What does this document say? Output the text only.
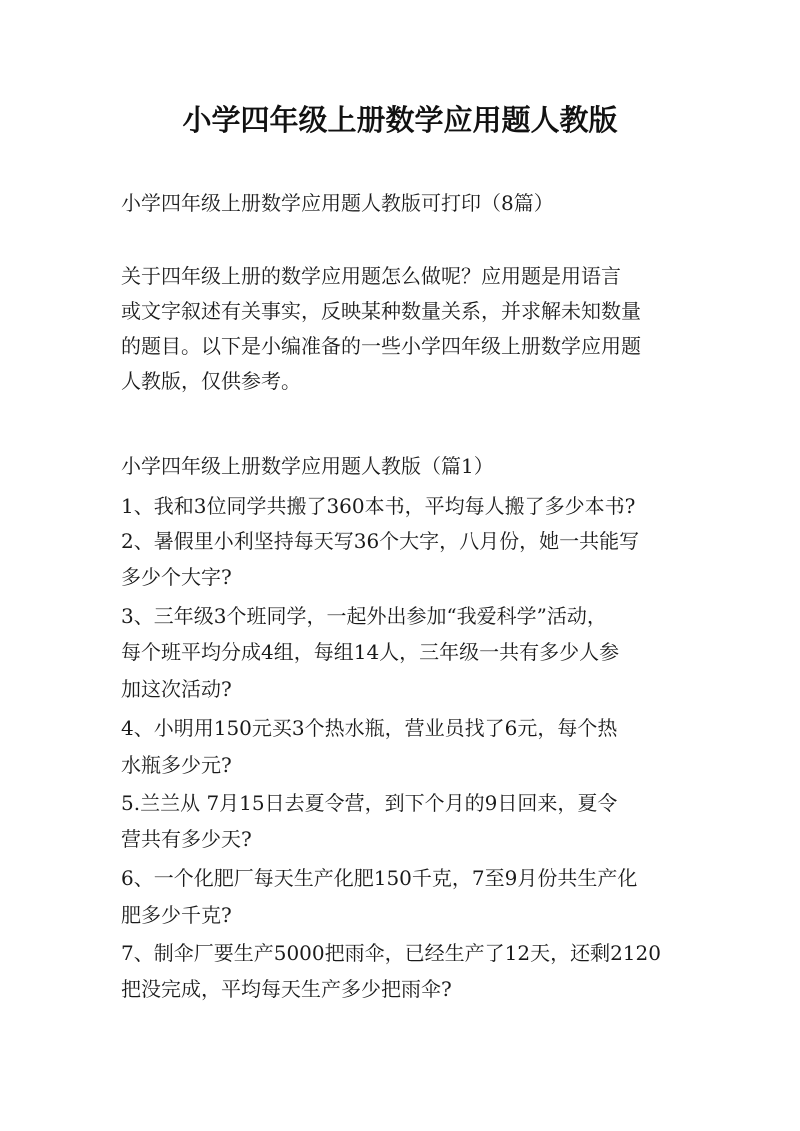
小学四年级上册数学应用题人教版

小学四年级上册数学应用题人教版可打印（8篇）

关于四年级上册的数学应用题怎么做呢？应用题是用语言

或文字叙述有关事实，反映某种数量关系，并求解未知数量

的题目。以下是小编准备的一些小学四年级上册数学应用题

人教版，仅供参考。

小学四年级上册数学应用题人教版（篇1）

1、我和3位同学共搬了360本书，平均每人搬了多少本书?

2、暑假里小利坚持每天写36个大字，八月份，她一共能写

多少个大字?

3、三年级3个班同学，一起外出参加“我爱科学”活动，

每个班平均分成4组，每组14人，三年级一共有多少人参

加这次活动?

4、小明用150元买3个热水瓶，营业员找了6元，每个热

水瓶多少元?

5.兰兰从 7月15日去夏令营，到下个月的9日回来，夏令

营共有多少天?

6、一个化肥厂每天生产化肥150千克，7至9月份共生产化

肥多少千克?

7、制伞厂要生产5000把雨伞，已经生产了12天，还剩2120

把没完成，平均每天生产多少把雨伞?
